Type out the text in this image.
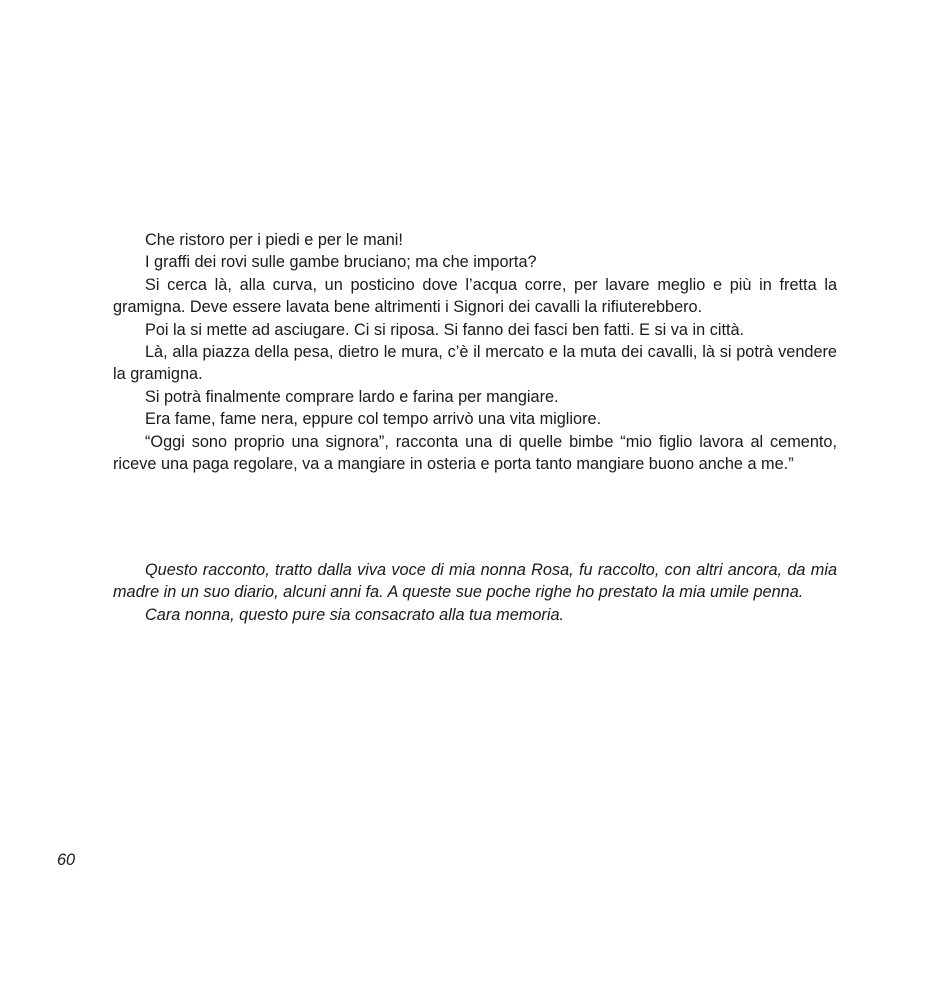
Che ristoro per i piedi e per le mani!

I graffi dei rovi sulle gambe bruciano; ma che importa?

Si cerca là, alla curva, un posticino dove l’acqua corre, per lavare meglio e più in fretta la gramigna. Deve essere lavata bene altrimenti i Signori dei cavalli la rifiuterebbero.

Poi la si mette ad asciugare. Ci si riposa. Si fanno dei fasci ben fatti. E si va in città.

Là, alla piazza della pesa, dietro le mura, c’è il mercato e la muta dei cavalli, là si potrà vendere la gramigna.

Si potrà finalmente comprare lardo e farina per mangiare.

Era fame, fame nera, eppure col tempo arrivò una vita migliore.

“Oggi sono proprio una signora”, racconta una di quelle bimbe “mio figlio lavora al cemento, riceve una paga regolare, va a mangiare in osteria e porta tanto mangiare buono anche a me.”

Questo racconto, tratto dalla viva voce di mia nonna Rosa, fu raccolto, con altri ancora, da mia madre in un suo diario, alcuni anni fa. A queste sue poche righe ho prestato la mia umile penna.

Cara nonna, questo pure sia consacrato alla tua memoria.

60
